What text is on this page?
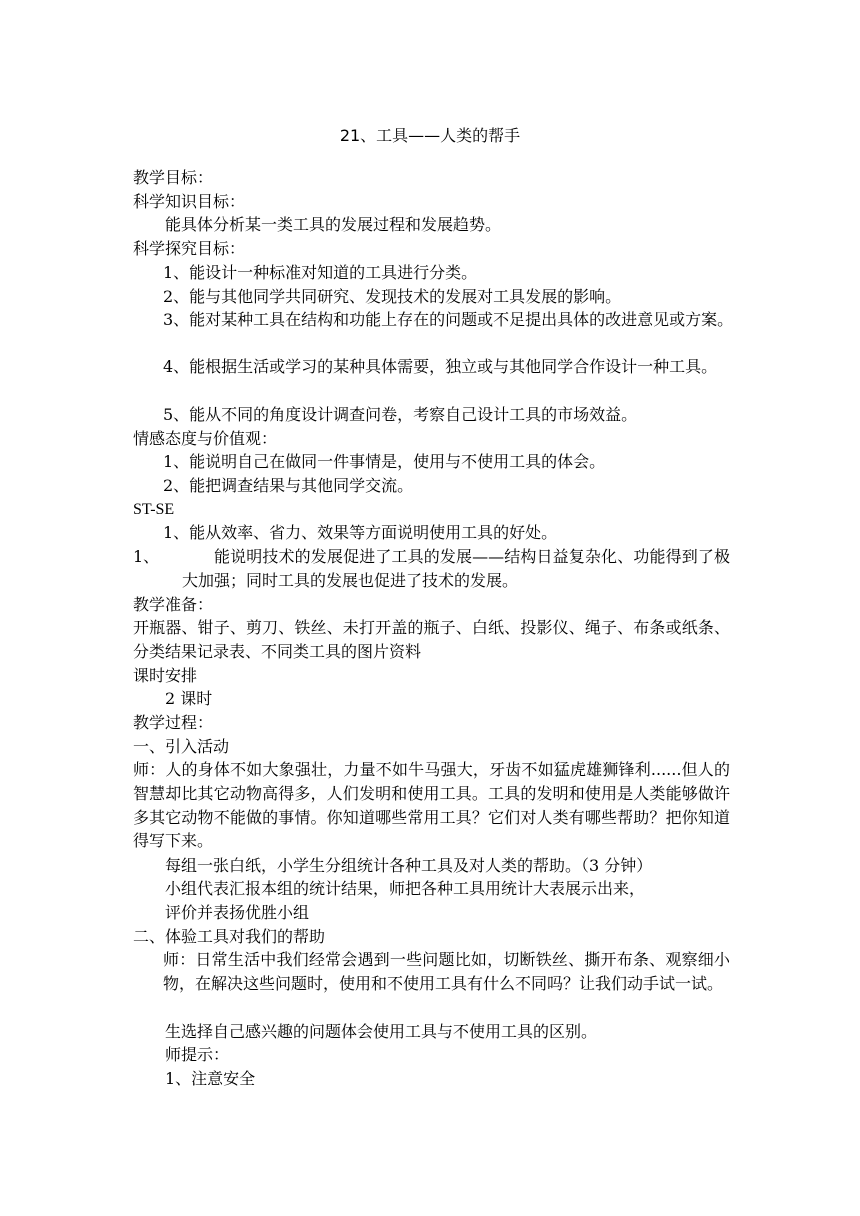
21、工具——人类的帮手
教学目标：
科学知识目标：
能具体分析某一类工具的发展过程和发展趋势。
科学探究目标：
1、能设计一种标准对知道的工具进行分类。
2、能与其他同学共同研究、发现技术的发展对工具发展的影响。
3、能对某种工具在结构和功能上存在的问题或不足提出具体的改进意见或方案。
4、能根据生活或学习的某种具体需要，独立或与其他同学合作设计一种工具。
5、能从不同的角度设计调查问卷，考察自己设计工具的市场效益。
情感态度与价值观：
1、能说明自己在做同一件事情是，使用与不使用工具的体会。
2、能把调查结果与其他同学交流。
ST-SE
1、能从效率、省力、效果等方面说明使用工具的好处。
1、	能说明技术的发展促进了工具的发展——结构日益复杂化、功能得到了极大加强；同时工具的发展也促进了技术的发展。
教学准备：
开瓶器、钳子、剪刀、铁丝、未打开盖的瓶子、白纸、投影仪、绳子、布条或纸条、分类结果记录表、不同类工具的图片资料
课时安排
2 课时
教学过程：
一、引入活动
师：人的身体不如大象强壮，力量不如牛马强大，牙齿不如猛虎雄狮锋利......但人的智慧却比其它动物高得多，人们发明和使用工具。工具的发明和使用是人类能够做许多其它动物不能做的事情。你知道哪些常用工具？它们对人类有哪些帮助？把你知道得写下来。
每组一张白纸，小学生分组统计各种工具及对人类的帮助。（3 分钟）
小组代表汇报本组的统计结果，师把各种工具用统计大表展示出来，
评价并表扬优胜小组
二、体验工具对我们的帮助
师：日常生活中我们经常会遇到一些问题比如，切断铁丝、撕开布条、观察细小物，在解决这些问题时，使用和不使用工具有什么不同吗？让我们动手试一试。
生选择自己感兴趣的问题体会使用工具与不使用工具的区别。
师提示：
1、注意安全
